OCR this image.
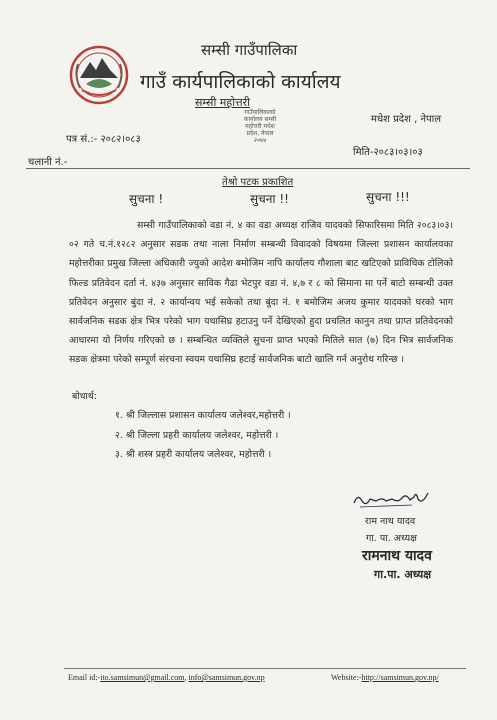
सम्सी गाउँपालिका
गाउँ कार्यपालिकाको कार्यालय
सम्सी महोत्तरी
गाउँपालिकाको कार्यालय सम्सी महोत्तरी मधेश प्रदेश, नेपाल २०७४
मधेश प्रदेश , नेपाल
पत्र सं.:- २०८२।०८३
मिति-२०८३।०३।०३
चलानी नं.-
तेश्रो पटक प्रकाशित
सुचना !	सुचना !!	सुचना !!!
सम्सी गाउँपालिकाको वडा नं. ४ का वडा अध्यक्ष राजिव यादवको सिफारिसमा मिति २०८३।०३।०२ गते च.नं.१२८२ अनुसार सडक तथा नाला निर्माण सम्बन्धी विवादको विषयमा जिल्ला प्रशासन कार्यालयका महोत्तरीका प्रमुख जिल्ला अधिकारी ज्युको आदेश बमोजिम नापि कार्यालय गौशाला बाट खटिएको प्राविधिक टोलिको फिल्ड प्रतिवेदन दर्ता नं. ४३७ अनुसार साविक गैढा भेटपुर वडा नं. ४,७ र ८ को सिमाना मा पर्ने बाटो सम्बन्धी उक्त प्रतिवेदन अनुसार बुंदा नं. २ कार्यान्वय भई सकेको तथा बुंदा नं. १ बमोजिम अजय कुमार यादवको घरको भाग सार्वजनिक सडक क्षेत्र भित्र परेको भाग यथासिघ्र हटाउनु पर्ने देखिएको हुदा प्रचलित कानुन तथा प्राप्त प्रतिवेदनको आधारमा यो निर्णय गरिएको छ । सम्बन्धित व्यक्तिले सुचना प्राप्त भएको मितिले सात (७) दिन भित्र सार्वजनिक सडक क्षेत्रमा परेको सम्पूर्ण संरचना स्वयम यथासिघ्र हटाई सार्वजनिक बाटो खालि गर्न अनुरोध गरिन्छ ।
बोधार्थ:
१. श्री जिल्लास प्रशासन कार्यालय जलेश्वर,महोत्तरी ।
२. श्री जिल्ला प्रहरी कार्यालय जलेश्वर, महोत्तरी ।
३. श्री शस्त्र प्रहरी कार्यालय जलेश्वर, महोत्तरी ।
राम नाथ यादव
गा. पा. अध्यक्ष
रामनाथ यादव
गा.पा. अध्यक्ष
Email id:-ito.samsimun@gmail.com, info@samsimun.gov.np	Website:-http://samsimun.gov.np/
